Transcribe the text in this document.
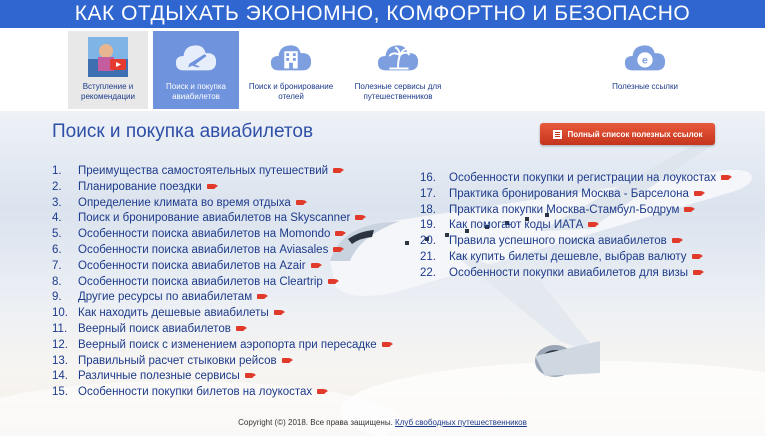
КАК ОТДЫХАТЬ ЭКОНОМНО, КОМФОРТНО И БЕЗОПАСНО
Вступление и рекомендации
Поиск и покупка авиабилетов
Поиск и бронирование отелей
Полезные сервисы для путешественников
e
Полезные ссылки
Поиск и покупка авиабилетов	Полный список полезных ссылок
1.	Преимущества самостоятельных путешествий
2.	Планирование поездки
3.	Определение климата во время отдыха
4.	Поиск и бронирование авиабилетов на Skyscanner
5.	Особенности поиска авиабилетов на Momondo
6.	Особенности поиска авиабилетов на Aviasales
7.	Особенности поиска авиабилетов на Azair
8.	Особенности поиска авиабилетов на Cleartrip
9.	Другие ресурсы по авиабилетам
10. Как находить дешевые авиабилеты
11. Веерный поиск авиабилетов
12. Веерный поиск с изменением аэропорта при пересадке
13. Правильный расчет стыковки рейсов
14. Различные полезные сервисы
15. Особенности покупки билетов на лоукостах
16.	Особенности покупки и регистрации на лоукостах
17.	Практика бронирования Москва - Барселона
18.	Практика покупки Москва-Стамбул-Бодрум
19.	Как помогают коды ИАТА
20.	Правила успешного поиска авиабилетов
21.	Как купить билеты дешевле, выбрав валюту
22.	Особенности покупки авиабилетов для визы
Copyright (©) 2018. Все права защищены. Клуб свободных путешественников
